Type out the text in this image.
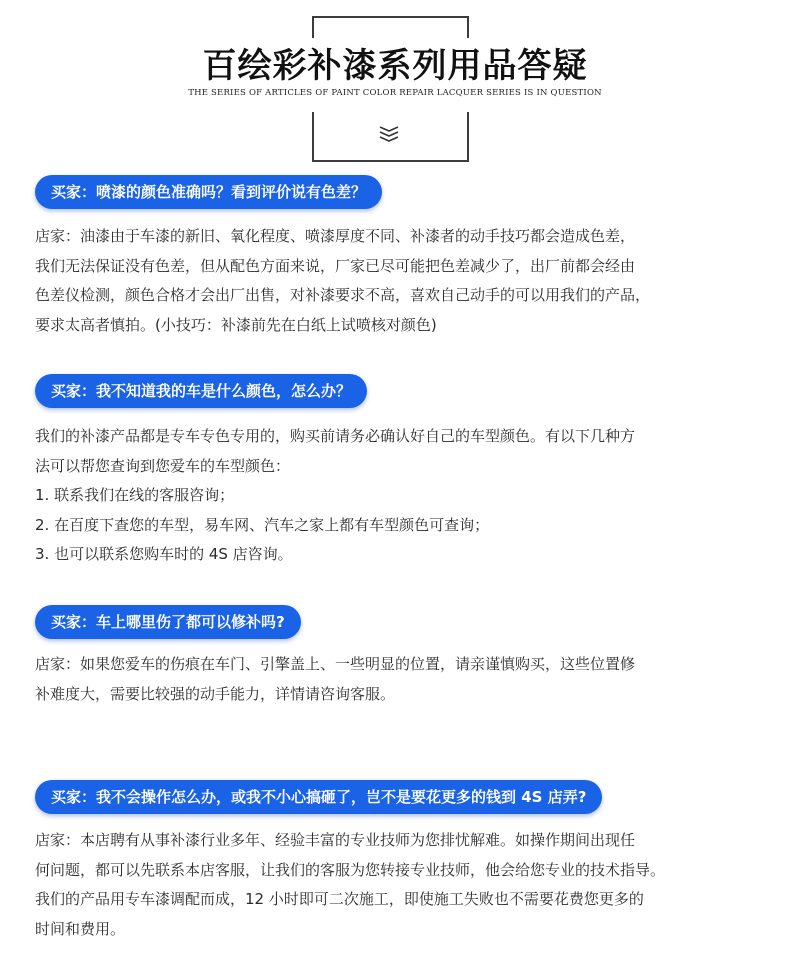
百绘彩补漆系列用品答疑
THE SERIES OF ARTICLES OF PAINT COLOR REPAIR LACQUER SERIES IS IN QUESTION
买家：喷漆的颜色准确吗？看到评价说有色差？

店家：油漆由于车漆的新旧、氧化程度、喷漆厚度不同、补漆者的动手技巧都会造成色差，

我们无法保证没有色差，但从配色方面来说，厂家已尽可能把色差减少了，出厂前都会经由

色差仪检测，颜色合格才会出厂出售，对补漆要求不高，喜欢自己动手的可以用我们的产品，

要求太高者慎拍。(小技巧：补漆前先在白纸上试喷核对颜色)

买家：我不知道我的车是什么颜色，怎么办？

我们的补漆产品都是专车专色专用的，购买前请务必确认好自己的车型颜色。有以下几种方

法可以帮您查询到您爱车的车型颜色：

1. 联系我们在线的客服咨询；

2. 在百度下查您的车型，易车网、汽车之家上都有车型颜色可查询；

3. 也可以联系您购车时的 4S 店咨询。

买家：车上哪里伤了都可以修补吗?

店家：如果您爱车的伤痕在车门、引擎盖上、一些明显的位置，请亲谨慎购买，这些位置修

补难度大，需要比较强的动手能力，详情请咨询客服。

买家：我不会操作怎么办，或我不小心搞砸了，岂不是要花更多的钱到 4S 店弄?

店家：本店聘有从事补漆行业多年、经验丰富的专业技师为您排忧解难。如操作期间出现任

何问题，都可以先联系本店客服，让我们的客服为您转接专业技师，他会给您专业的技术指导。

我们的产品用专车漆调配而成，12 小时即可二次施工，即使施工失败也不需要花费您更多的

时间和费用。
